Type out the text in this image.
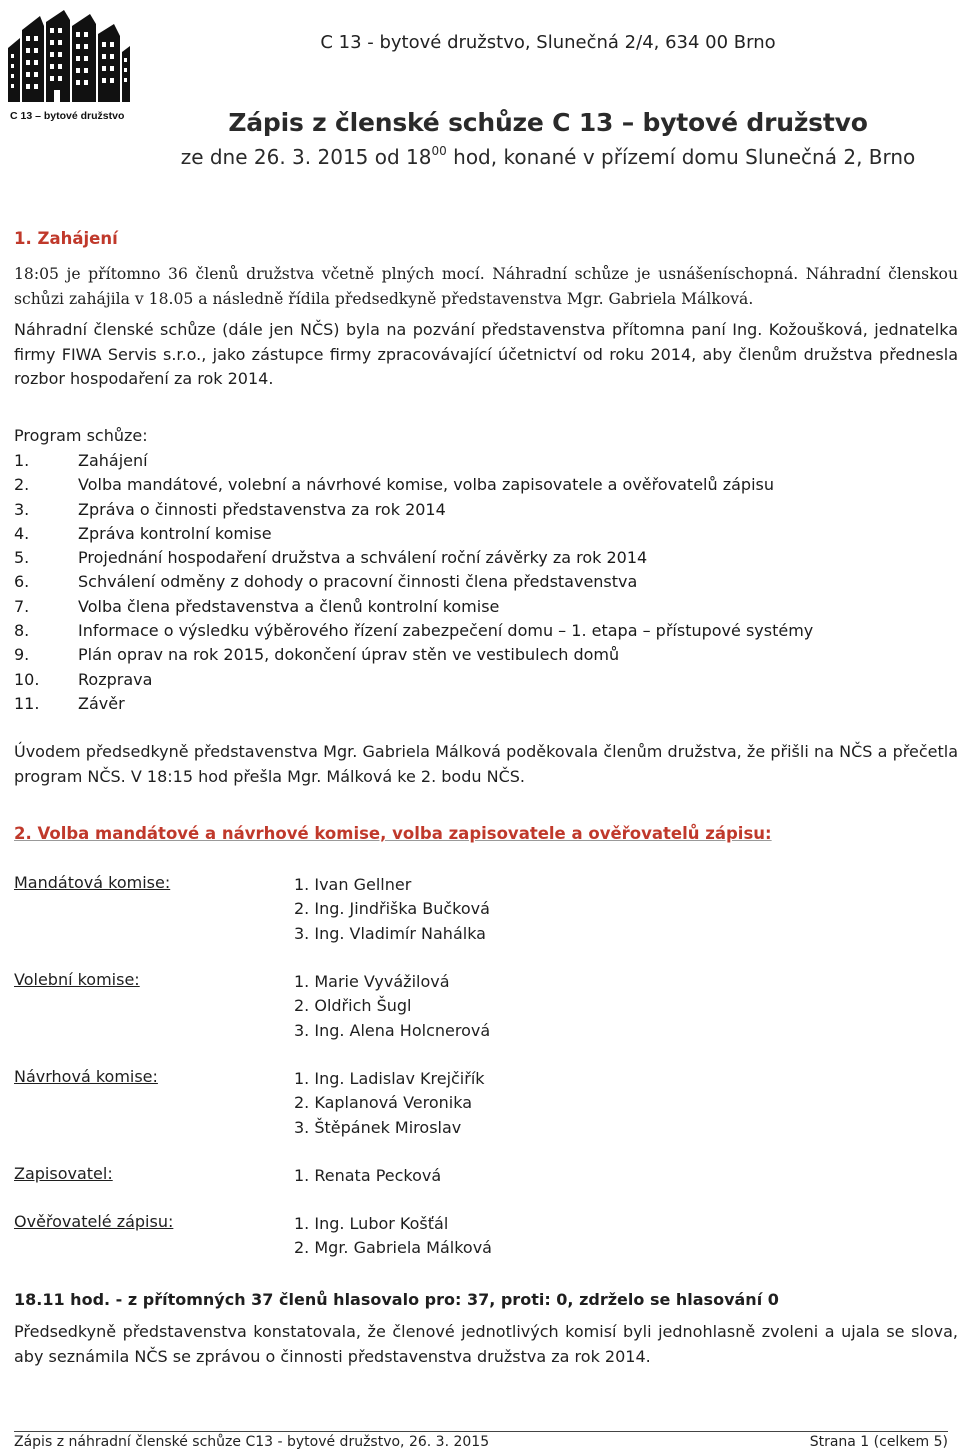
C 13 – bytové družstvo
C 13 - bytové družstvo, Slunečná 2/4, 634 00 Brno
Zápis z členské schůze C 13 – bytové družstvo
ze dne 26. 3. 2015 od $18^{00}$ hod, konané v přízemí domu Slunečná 2, Brno
1. Zahájení
18:05 je přítomno 36 členů družstva včetně plných mocí. Náhradní schůze je usnášeníschopná. Náhradní členskou schůzi zahájila v 18.05 a následně řídila předsedkyně představenstva Mgr. Gabriela Málková.
Náhradní členské schůze (dále jen NČS) byla na pozvání představenstva přítomna paní Ing. Kožoušková, jednatelka firmy FIWA Servis s.r.o., jako zástupce firmy zpracovávající účetnictví od roku 2014, aby členům družstva přednesla rozbor hospodaření za rok 2014.
Program schůze:
1.	Zahájení
2.	Volba mandátové, volební a návrhové komise, volba zapisovatele a ověřovatelů zápisu
3.	Zpráva o činnosti představenstva za rok 2014
4.	Zpráva kontrolní komise
5.	Projednání hospodaření družstva a schválení roční závěrky za rok 2014
6.	Schválení odměny z dohody o pracovní činnosti člena představenstva
7.	Volba člena představenstva a členů kontrolní komise
8.	Informace o výsledku výběrového řízení zabezpečení domu – 1. etapa – přístupové systémy
9.	Plán oprav na rok 2015, dokončení úprav stěn ve vestibulech domů
10.	Rozprava
11.	Závěr
Úvodem předsedkyně představenstva Mgr. Gabriela Málková poděkovala členům družstva, že přišli na NČS a přečetla program NČS. V 18:15 hod přešla Mgr. Málková ke 2. bodu NČS.
2. Volba mandátové a návrhové komise, volba zapisovatele a ověřovatelů zápisu:
Mandátová komise:	1. Ivan Gellner
2. Ing. Jindřiška Bučková
3. Ing. Vladimír Nahálka
Volební komise:	1. Marie Vyvážilová
2. Oldřich Šugl
3. Ing. Alena Holcnerová
Návrhová komise:	1. Ing. Ladislav Krejčiřík
2. Kaplanová Veronika
3. Štěpánek Miroslav
Zapisovatel:	1. Renata Pecková
Ověřovatelé zápisu:	1. Ing. Lubor Košťál
2. Mgr. Gabriela Málková
18.11 hod. - z přítomných 37 členů hlasovalo pro: 37, proti: 0, zdrželo se hlasování 0
Předsedkyně představenstva konstatovala, že členové jednotlivých komisí byli jednohlasně zvoleni a ujala se slova, aby seznámila NČS se zprávou o činnosti představenstva družstva za rok 2014.
Zápis z náhradní členské schůze C13 - bytové družstvo, 26. 3. 2015	Strana 1 (celkem 5)
